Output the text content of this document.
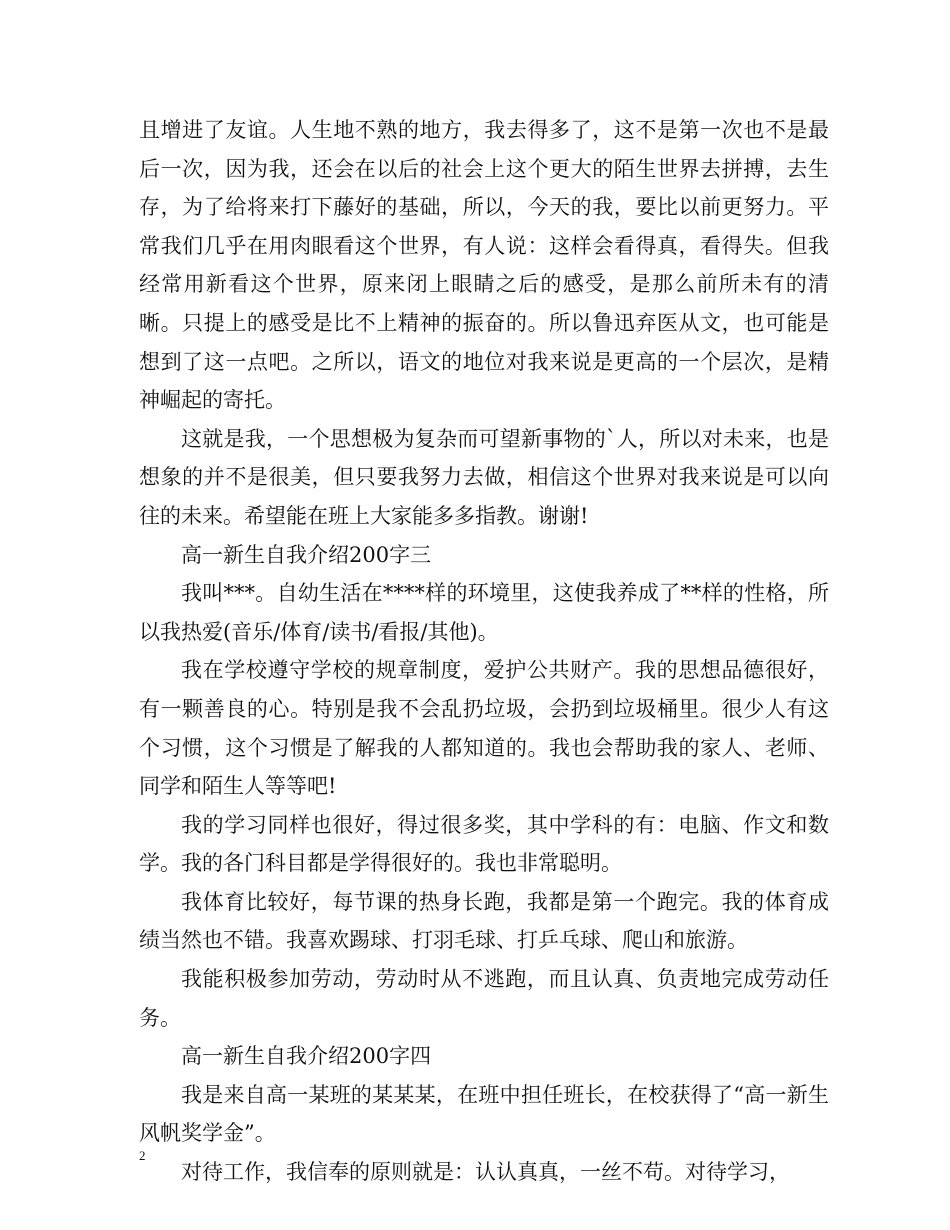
且增进了友谊。人生地不熟的地方，我去得多了，这不是第一次也不是最后一次，因为我，还会在以后的社会上这个更大的陌生世界去拼搏，去生存，为了给将来打下藤好的基础，所以，今天的我，要比以前更努力。平常我们几乎在用肉眼看这个世界，有人说：这样会看得真，看得失。但我经常用新看这个世界，原来闭上眼睛之后的感受，是那么前所未有的清晰。只提上的感受是比不上精神的振奋的。所以鲁迅弃医从文，也可能是想到了这一点吧。之所以，语文的地位对我来说是更高的一个层次，是精神崛起的寄托。

这就是我，一个思想极为复杂而可望新事物的`人，所以对未来，也是想象的并不是很美，但只要我努力去做，相信这个世界对我来说是可以向往的未来。希望能在班上大家能多多指教。谢谢!

高一新生自我介绍200字三

我叫***。自幼生活在****样的环境里，这使我养成了**样的性格，所以我热爱(音乐/体育/读书/看报/其他)。

我在学校遵守学校的规章制度，爱护公共财产。我的思想品德很好，有一颗善良的心。特别是我不会乱扔垃圾，会扔到垃圾桶里。很少人有这个习惯，这个习惯是了解我的人都知道的。我也会帮助我的家人、老师、同学和陌生人等等吧!

我的学习同样也很好，得过很多奖，其中学科的有：电脑、作文和数学。我的各门科目都是学得很好的。我也非常聪明。

我体育比较好，每节课的热身长跑，我都是第一个跑完。我的体育成绩当然也不错。我喜欢踢球、打羽毛球、打乒乓球、爬山和旅游。

我能积极参加劳动，劳动时从不逃跑，而且认真、负责地完成劳动任务。

高一新生自我介绍200字四

我是来自高一某班的某某某，在班中担任班长，在校获得了“高一新生风帆奖学金”。

对待工作，我信奉的原则就是：认认真真，一丝不苟。对待学习，

2
